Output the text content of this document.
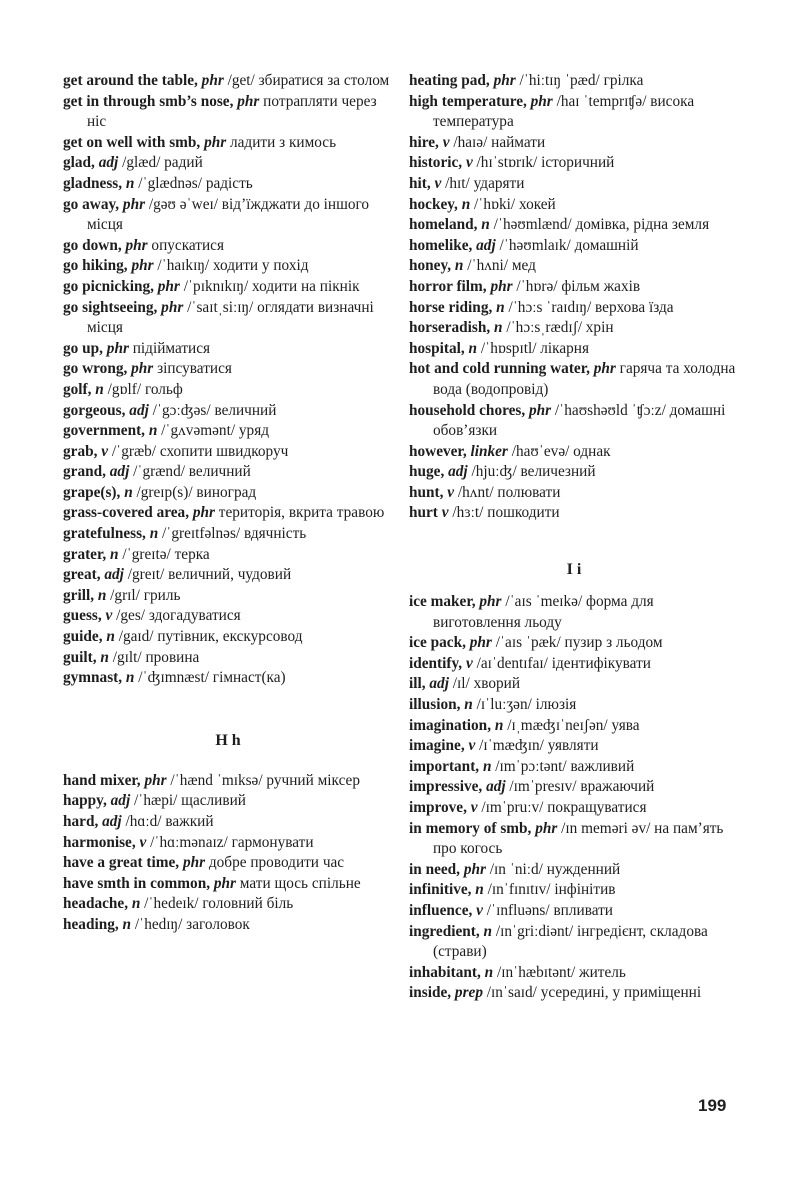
get around the table, phr /get/ збиратися за столом
get in through smb’s nose, phr потрапляти через ніс
get on well with smb, phr ладити з кимось
glad, adj /glæd/ радий
gladness, n /ˈglædnəs/ радість
go away, phr /gəʊ əˈweɪ/ від’їжджати до іншого місця
go down, phr опускатися
go hiking, phr /ˈhaɪkɪŋ/ ходити у похід
go picnicking, phr /ˈpɪknɪkɪŋ/ ходити на пікнік
go sightseeing, phr /ˈsaɪtˌsiːɪŋ/ оглядати визначні місця
go up, phr підійматися
go wrong, phr зіпсуватися
golf, n /gɒlf/ гольф
gorgeous, adj /ˈgɔːʤəs/ величний
government, n /ˈgʌvəmənt/ уряд
grab, v /ˈgræb/ схопити швидкоруч
grand, adj /ˈgrænd/ величний
grape(s), n /greɪp(s)/ виноград
grass-covered area, phr територія, вкрита травою
gratefulness, n /ˈgreɪtfəlnəs/ вдячність
grater, n /ˈgreɪtə/ терка
great, adj /greɪt/ величний, чудовий
grill, n /grɪl/ гриль
guess, v /ges/ здогадуватися
guide, n /gaɪd/ путівник, екскурсовод
guilt, n /gɪlt/ провина
gymnast, n /ˈʤɪmnæst/ гімнаст(ка)
H h
hand mixer, phr /ˈhænd ˈmɪksə/ ручний міксер
happy, adj /ˈhæpi/ щасливий
hard, adj /hɑːd/ важкий
harmonise, v /ˈhɑːmənaɪz/ гармонувати
have a great time, phr добре проводити час
have smth in common, phr мати щось спільне
headache, n /ˈhedeɪk/ головний біль
heading, n /ˈhedɪŋ/ заголовок
heating pad, phr /ˈhiːtɪŋ ˈpæd/ грілка
high temperature, phr /haɪ ˈtemprɪʧə/ висока температура
hire, v /haɪə/ наймати
historic, v /hɪˈstɒrɪk/ історичний
hit, v /hɪt/ ударяти
hockey, n /ˈhɒki/ хокей
homeland, n /ˈhəʊmlænd/ домівка, рідна земля
homelike, adj /ˈhəʊmlaɪk/ домашній
honey, n /ˈhʌni/ мед
horror film, phr /ˈhɒrə/ фільм жахів
horse riding, n /ˈhɔːs ˈraɪdɪŋ/ верхова їзда
horseradish, n /ˈhɔːsˌrædɪʃ/ хрін
hospital, n /ˈhɒspɪtl/ лікарня
hot and cold running water, phr гаряча та холодна вода (водопровід)
household chores, phr /ˈhaʊshəʊld ˈʧɔːz/ домашні обов’язки
however, linker /haʊˈevə/ однак
huge, adj /hjuːʤ/ величезний
hunt, v /hʌnt/ полювати
hurt v /hɜːt/ пошкодити
I i
ice maker, phr /ˈaɪs ˈmeɪkə/ форма для виготовлення льоду
ice pack, phr /ˈaɪs ˈpæk/ пузир з льодом
identify, v /aɪˈdentɪfaɪ/ ідентифікувати
ill, adj /ɪl/ хворий
illusion, n /ɪˈluːʒən/ ілюзія
imagination, n /ɪˌmæʤɪˈneɪʃən/ уява
imagine, v /ɪˈmæʤɪn/ уявляти
important, n /ɪmˈpɔːtənt/ важливий
impressive, adj /ɪmˈpresɪv/ вражаючий
improve, v /ɪmˈpruːv/ покращуватися
in memory of smb, phr /ɪn meməri əv/ на пам’ять про когось
in need, phr /ɪn ˈniːd/ нужденний
infinitive, n /ɪnˈfɪnɪtɪv/ інфінітив
influence, v /ˈɪnfluəns/ впливати
ingredient, n /ɪnˈgriːdiənt/ інгредієнт, складова (страви)
inhabitant, n /ɪnˈhæbɪtənt/ житель
inside, prep /ɪnˈsaɪd/ усередині, у приміщенні
199
